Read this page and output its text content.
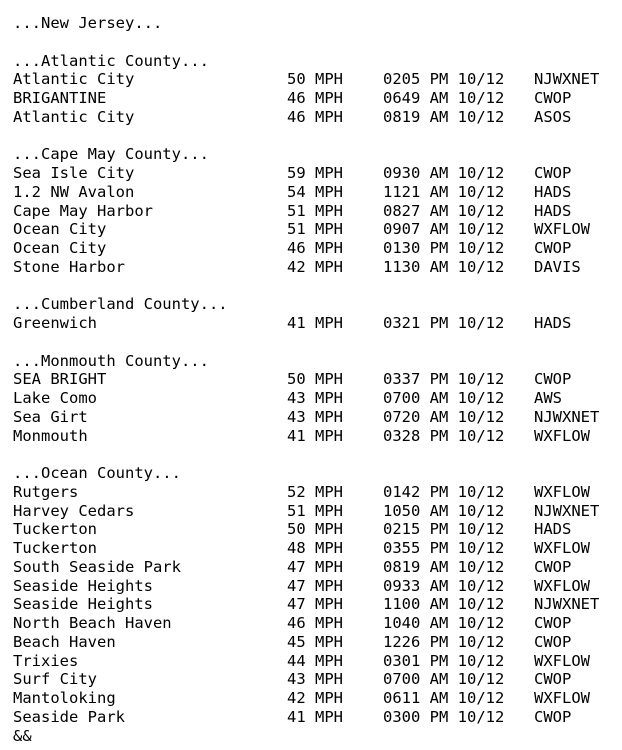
...New Jersey...
...Atlantic County...
Atlantic City	50 MPH	0205 PM 10/12 NJWXNET
BRIGANTINE	46 MPH	0649 AM 10/12 CWOP
Atlantic City	46 MPH	0819 AM 10/12 ASOS
...Cape May County...
Sea Isle City	59 MPH	0930 AM 10/12 CWOP
1.2 NW Avalon	54 MPH	1121 AM 10/12 HADS
Cape May Harbor	51 MPH	0827 AM 10/12 HADS
Ocean City	51 MPH	0907 AM 10/12 WXFLOW
Ocean City	46 MPH	0130 PM 10/12 CWOP
Stone Harbor	42 MPH	1130 AM 10/12 DAVIS
...Cumberland County...
Greenwich	41 MPH	0321 PM 10/12 HADS
...Monmouth County...
SEA BRIGHT	50 MPH	0337 PM 10/12 CWOP
Lake Como	43 MPH	0700 AM 10/12 AWS
Sea Girt	43 MPH	0720 AM 10/12 NJWXNET
Monmouth	41 MPH	0328 PM 10/12 WXFLOW
...Ocean County...
Rutgers	52 MPH	0142 PM 10/12 WXFLOW
Harvey Cedars	51 MPH	1050 AM 10/12 NJWXNET
Tuckerton	50 MPH	0215 PM 10/12 HADS
Tuckerton	48 MPH	0355 PM 10/12 WXFLOW
South Seaside Park	47 MPH	0819 AM 10/12 CWOP
Seaside Heights	47 MPH	0933 AM 10/12 WXFLOW
Seaside Heights	47 MPH	1100 AM 10/12 NJWXNET
North Beach Haven	46 MPH	1040 AM 10/12 CWOP
Beach Haven	45 MPH	1226 PM 10/12 CWOP
Trixies	44 MPH	0301 PM 10/12 WXFLOW
Surf City	43 MPH	0700 AM 10/12 CWOP
Mantoloking	42 MPH	0611 AM 10/12 WXFLOW
Seaside Park	41 MPH	0300 PM 10/12 CWOP
&&
